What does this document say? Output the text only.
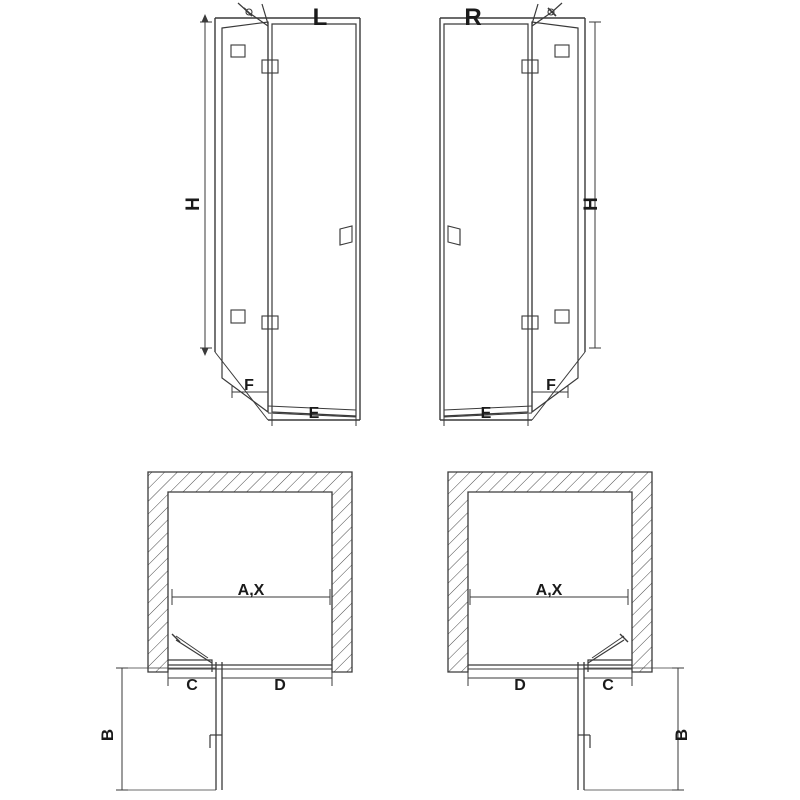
L
H
F
E
R
H
F
E
A,X
C	D
B
A,X
C
D
B
